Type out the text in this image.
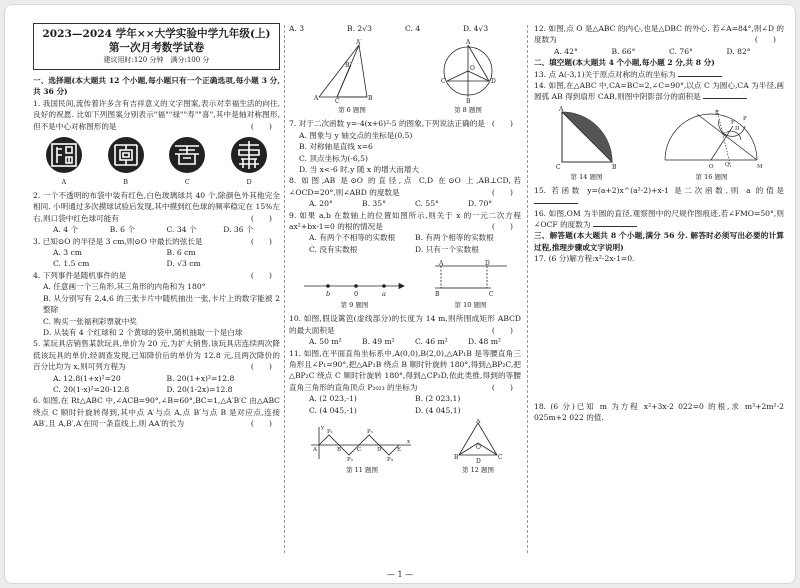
2023—2024 学年××大学实验中学九年级(上)
第一次月考数学试卷
建议用时:120 分钟　满分:100 分
一、选择题(本大题共 12 个小题,每小题只有一个正确选项,每小题 3 分,共 36 分)
1. 我国民间,流传着许多含有吉祥意义的文字图案,表示对幸福生活的向往,良好的祝愿. 比如下列图案分别表示"福""禄""寿""喜",其中是轴对称图形,但不是中心对称图形的是	(　　)
A	B	C	D
2. 一个不透明的布袋中装有红色,白色玻璃球共 40 个,除颜色外其他完全相同. 小明通过多次摸球试验后发现,其中摸到红色球的频率稳定在 15%左右,则口袋中红色球可能有	(　　)
A. 4 个	B. 6 个	C. 34 个	D. 36 个
3. 已知⊙O 的半径是 3 cm,则⊙O 中最长的弦长是	(　　)
A. 3 cm	B. 6 cm
C. 1.5 cm	D. √3 cm
4. 下列事件是随机事件的是	(　　)
A. 任意画一个三角形,其三角形的内角和为 180°
B. 从分别写有 2,4,6 的三张卡片中随机抽出一张,卡片上的数字能被 2 整除
C. 购买一张福利彩票就中奖
D. 从装有 4 个红球和 2 个黄球的袋中,随机抽取一个是白球
5. 某玩具店销售某款玩具,单价为 20 元,为扩大销售,该玩具店连续两次降低该玩具的单价,经调查发现,已知降价后的单价为 12.8 元,且两次降价的百分比均为 x,则可列方程为	(　　)
A. 12.8(1+x)²=20	B. 20(1+x)²=12.8
C. 20(1-x)²=20-12.8	D. 20(1-2x)=12.8
6. 如图,在 Rt△ABC 中,∠ACB=90°,∠B=60°,BC=1,△A′B′C 由△ABC 绕点 C 顺时针旋转得到,其中点 A′与点 A,点 B′与点 B 是对应点,连接 AB′,且 A,B′,A′在同一条直线上,则 AA′的长为	(　　)
A. 3	B. 2√3	C. 4	D. 4√3
A′
A	C	B
B′
第 6 题图
A
O
C	D
B
第 8 题图
7. 对于二次函数 y=-4(x+6)²-5 的图象,下列说法正确的是 (　　)
A. 图象与 y 轴交点的坐标是(0,5)
B. 对称轴是直线 x=6
C. 顶点坐标为(-6,5)
D. 当 x<-6 时,y 随 x 的增大而增大
8. 如图,AB 是⊙O 的直径,点 C,D 在⊙O 上,AB⊥CD,若∠OCD=20°,则∠ABD 的度数是	(　　)
A. 20°	B. 35°	C. 55°	D. 70°
9. 如果 a,b 在数轴上的位置如图所示,则关于 x 的一元二次方程 ax²+bx-1=0 的根的情况是	(　　)
A. 有两个不相等的实数根	B. 有两个相等的实数根
C. 没有实数根	D. 只有一个实数根
b	0	a
第 9 题图
A	D
B	C
第 10 题图
10. 如图,假设篱笆(虚线部分)的长度为 14 m,则所围成矩形 ABCD 的最大面积是	(　　)
A. 50 m²	B. 49 m²	C. 46 m²	D. 48 m²
11. 如图,在平面直角坐标系中,A(0,0),B(2,0),△AP₁B 是等腰直角三角形且∠P₁=90°,把△AP₁B 绕点 B 顺时针旋转 180°,得到△BP₂C,把△BP₂C 绕点 C 顺时针旋转 180°,得到△CP₃D,依此类推,得到的等腰直角三角形的直角顶点 P₂₀₂₃ 的坐标为	(　　)
A. (2 023,-1)	B. (2 023,1)
C. (4 045,-1)	D. (4 045,1)
A	B	C	D	E
P₁
P₂
P₃
P₄
y
x
第 11 题图
A
B	C
O
D
第 12 题图
12. 如图,点 O 是△ABC 的内心,也是△DBC 的外心. 若∠A=84°,则∠D 的度数为	(　　)
A. 42°	B. 66°	C. 76°	D. 82°
二、填空题(本大题共 4 个小题,每小题 2 分,共 8 分)
13. 点 A(-3,1)关于原点对称的点的坐标为
14. 如图,在△ABC 中,CA=BC=2,∠C=90°,以点 C 为圆心,CA 为半径,画圆弧 AB 得到扇形 CAB,则图中阴影部分的面积是
A
C	B
第 14 题图
O	M
F
C
E
D
P
Q
第 16 题图
15. 若函数 y=(a+2)x^(a²-2)+x-1 是二次函数,则 a 的值是
16. 如图,OM 为半圆的直径,观察图中的尺规作图痕迹,若∠FMO=50°,则∠OCF 的度数为
三、解答题(本大题共 8 个小题,满分 56 分. 解答时必须写出必要的计算过程,推理步骤或文字说明)
17. (6 分)解方程:x²-2x-1=0.
18. (6 分)已知 m 为方程 x²+3x-2 022=0 的根,求 m³+2m²-2 025m+2 022 的值.
— 1 —
